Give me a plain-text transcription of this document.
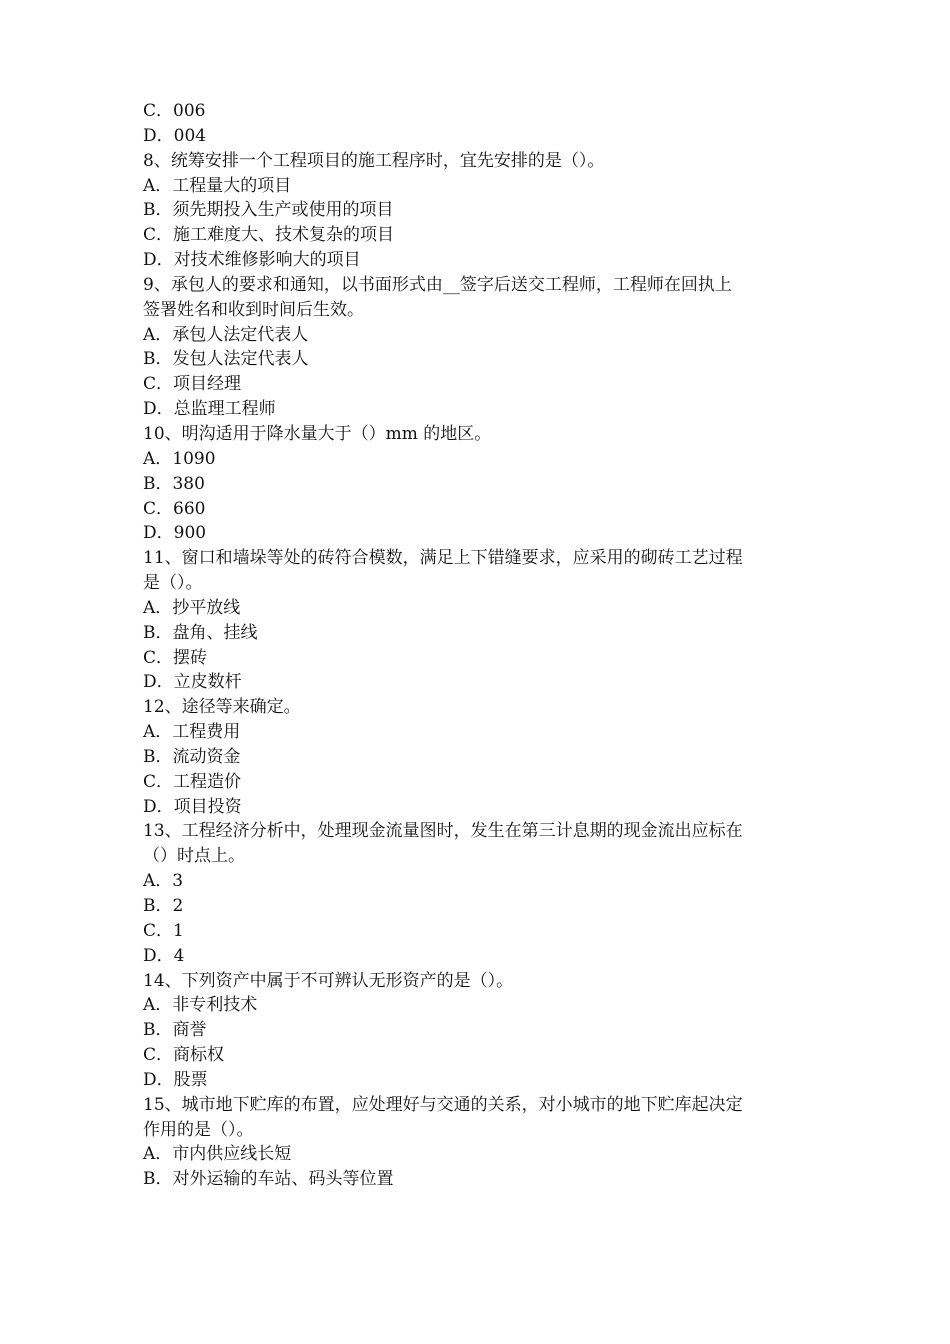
C．006
D．004
8、统筹安排一个工程项目的施工程序时，宜先安排的是（）。
A．工程量大的项目
B．须先期投入生产或使用的项目
C．施工难度大、技术复杂的项目
D．对技术维修影响大的项目
9、承包人的要求和通知，以书面形式由__签字后送交工程师，工程师在回执上
签署姓名和收到时间后生效。
A．承包人法定代表人
B．发包人法定代表人
C．项目经理
D．总监理工程师
10、明沟适用于降水量大于（）mm 的地区。
A．1090
B．380
C．660
D．900
11、窗口和墙垛等处的砖符合模数，满足上下错缝要求，应采用的砌砖工艺过程
是（）。
A．抄平放线
B．盘角、挂线
C．摆砖
D．立皮数杆
12、途径等来确定。
A．工程费用
B．流动资金
C．工程造价
D．项目投资
13、工程经济分析中，处理现金流量图时，发生在第三计息期的现金流出应标在
（）时点上。
A．3
B．2
C．1
D．4
14、下列资产中属于不可辨认无形资产的是（）。
A．非专利技术
B．商誉
C．商标权
D．股票
15、城市地下贮库的布置，应处理好与交通的关系，对小城市的地下贮库起决定
作用的是（）。
A．市内供应线长短
B．对外运输的车站、码头等位置
